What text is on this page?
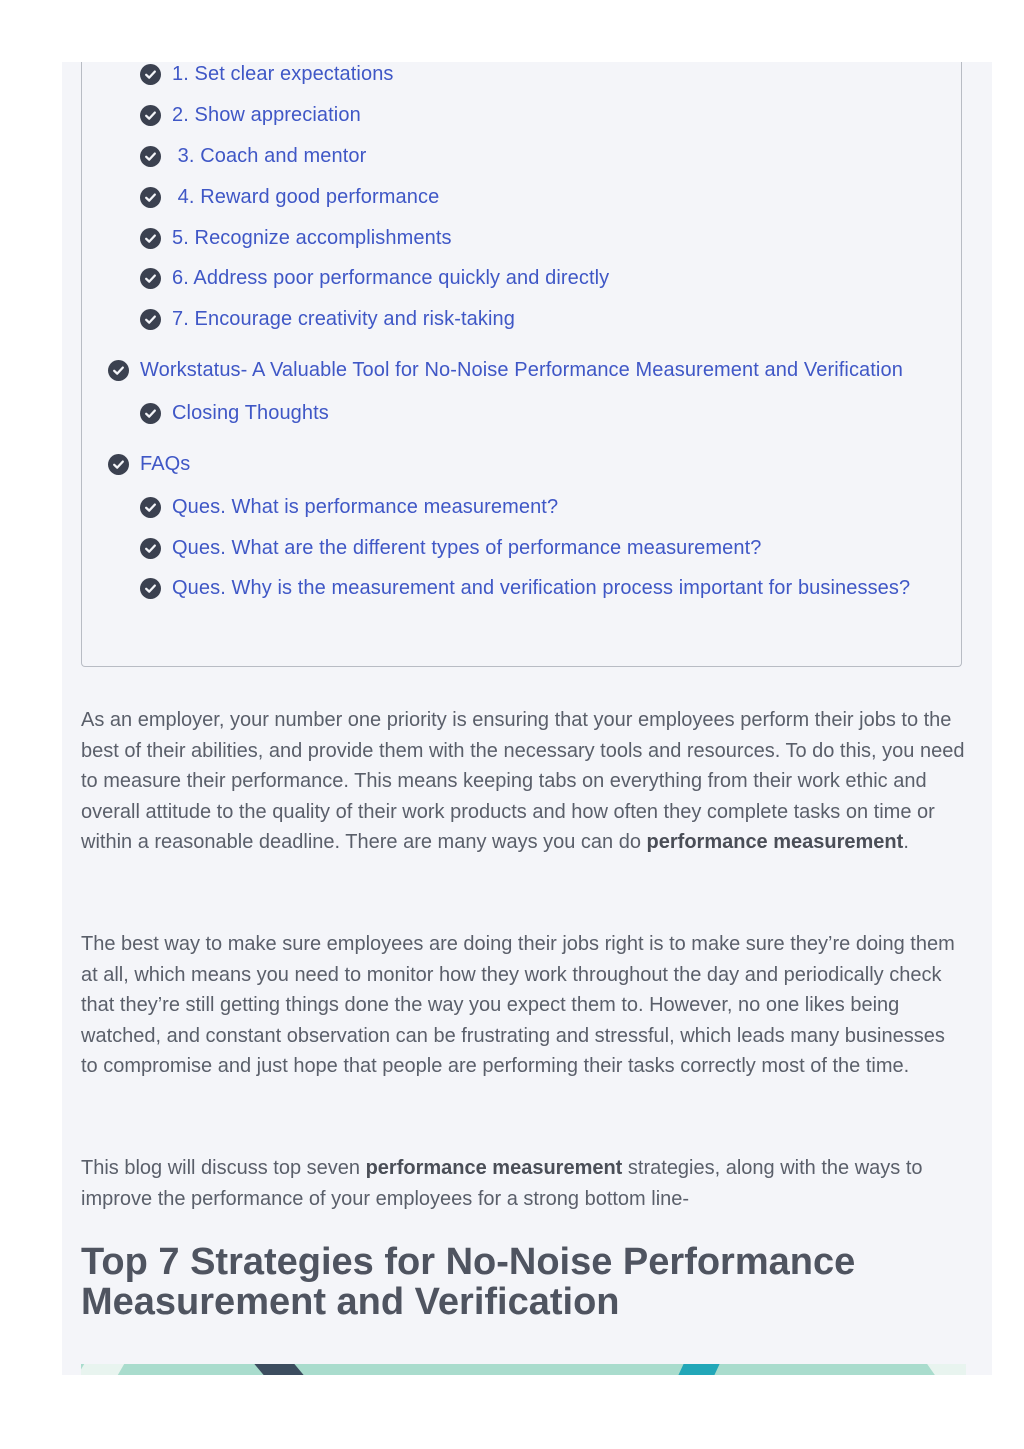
1. Set clear expectations
2. Show appreciation
3. Coach and mentor
4. Reward good performance
5. Recognize accomplishments
6. Address poor performance quickly and directly
7. Encourage creativity and risk-taking
Workstatus- A Valuable Tool for No-Noise Performance Measurement and Verification
Closing Thoughts
FAQs
Ques. What is performance measurement?
Ques. What are the different types of performance measurement?
Ques. Why is the measurement and verification process important for businesses?

As an employer, your number one priority is ensuring that your employees perform their jobs to the best of their abilities, and provide them with the necessary tools and resources. To do this, you need to measure their performance. This means keeping tabs on everything from their work ethic and overall attitude to the quality of their work products and how often they complete tasks on time or within a reasonable deadline. There are many ways you can do performance measurement.

The best way to make sure employees are doing their jobs right is to make sure they’re doing them at all, which means you need to monitor how they work throughout the day and periodically check that they’re still getting things done the way you expect them to. However, no one likes being watched, and constant observation can be frustrating and stressful, which leads many businesses to compromise and just hope that people are performing their tasks correctly most of the time.

This blog will discuss top seven performance measurement strategies, along with the ways to improve the performance of your employees for a strong bottom line-

Top 7 Strategies for No-Noise Performance Measurement and Verification
